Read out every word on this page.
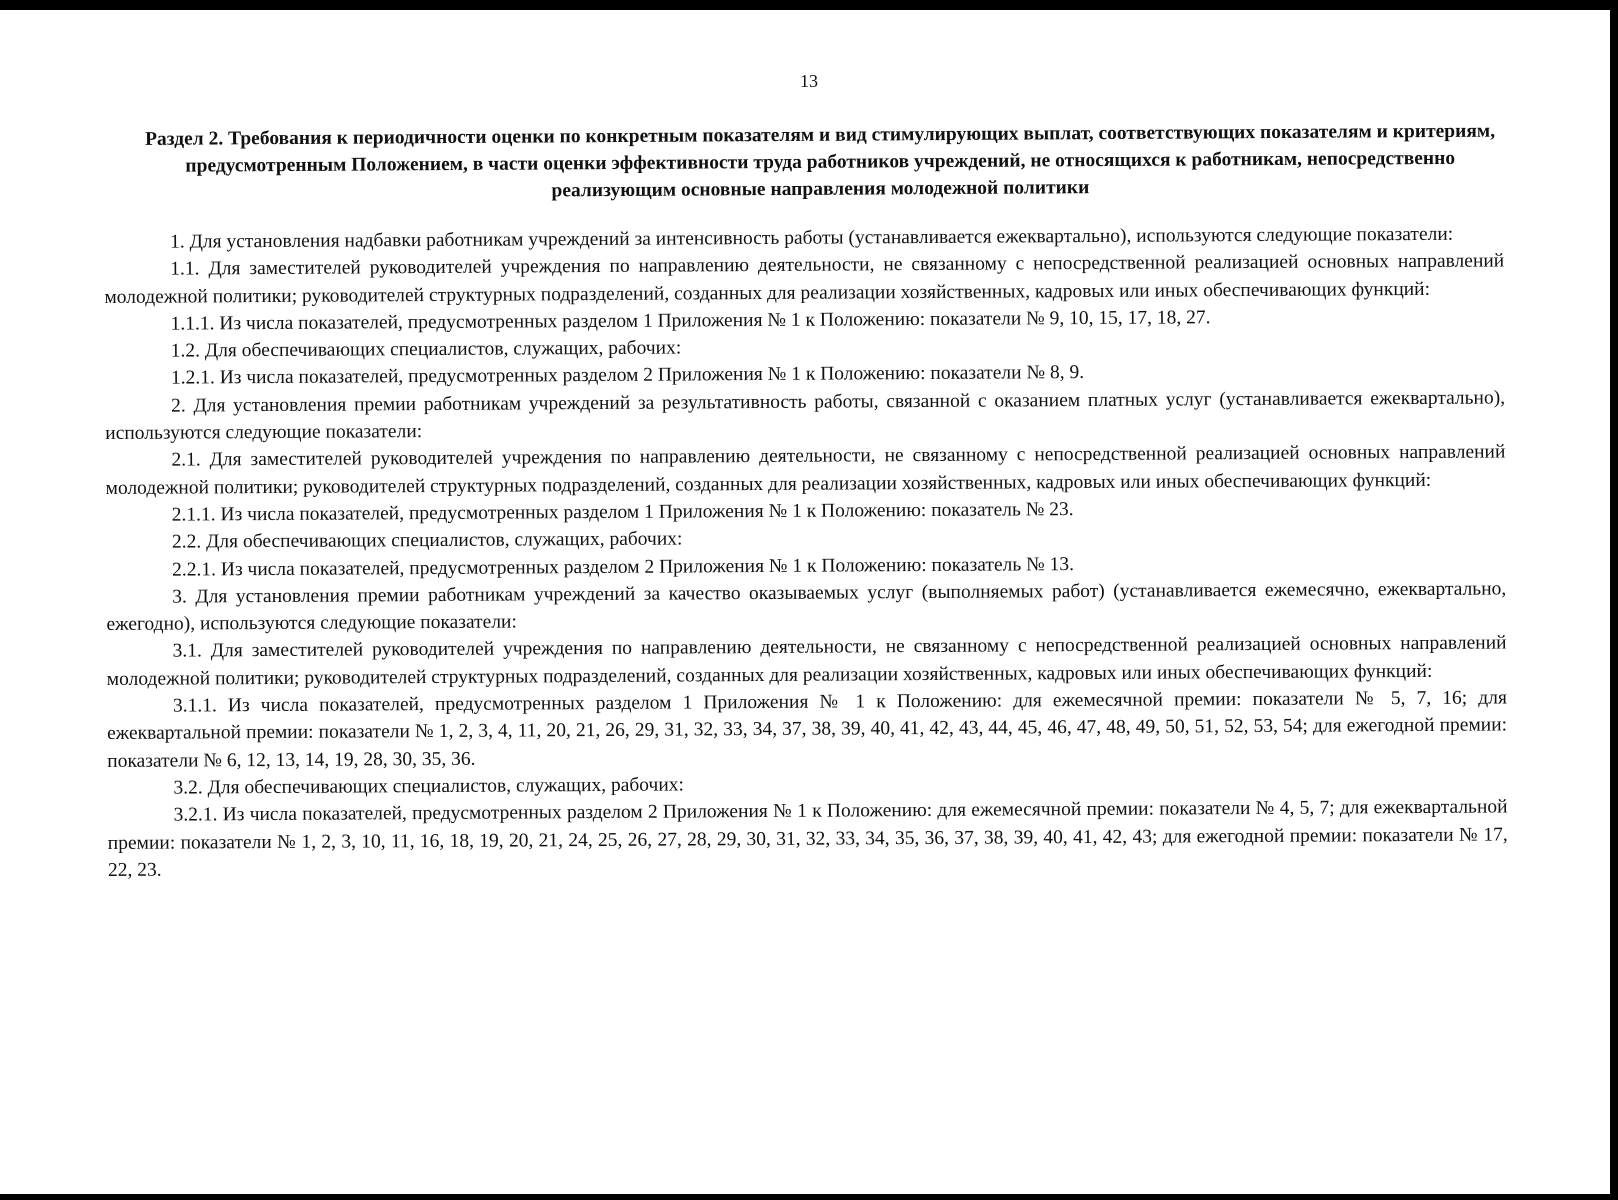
13
Раздел 2. Требования к периодичности оценки по конкретным показателям и вид стимулирующих выплат, соответствующих показателям и критериям, предусмотренным Положением, в части оценки эффективности труда работников учреждений, не относящихся к работникам, непосредственно реализующим основные направления молодежной политики

1. Для установления надбавки работникам учреждений за интенсивность работы (устанавливается ежеквартально), используются следующие показатели:

1.1. Для заместителей руководителей учреждения по направлению деятельности, не связанному с непосредственной реализацией основных направлений молодежной политики; руководителей структурных подразделений, созданных для реализации хозяйственных, кадровых или иных обеспечивающих функций:

1.1.1. Из числа показателей, предусмотренных разделом 1 Приложения № 1 к Положению: показатели № 9, 10, 15, 17, 18, 27.

1.2. Для обеспечивающих специалистов, служащих, рабочих:

1.2.1. Из числа показателей, предусмотренных разделом 2 Приложения № 1 к Положению: показатели № 8, 9.

2. Для установления премии работникам учреждений за результативность работы, связанной с оказанием платных услуг (устанавливается ежеквартально), используются следующие показатели:

2.1. Для заместителей руководителей учреждения по направлению деятельности, не связанному с непосредственной реализацией основных направлений молодежной политики; руководителей структурных подразделений, созданных для реализации хозяйственных, кадровых или иных обеспечивающих функций:

2.1.1. Из числа показателей, предусмотренных разделом 1 Приложения № 1 к Положению: показатель № 23.

2.2. Для обеспечивающих специалистов, служащих, рабочих:

2.2.1. Из числа показателей, предусмотренных разделом 2 Приложения № 1 к Положению: показатель № 13.

3. Для установления премии работникам учреждений за качество оказываемых услуг (выполняемых работ) (устанавливается ежемесячно, ежеквартально, ежегодно), используются следующие показатели:

3.1. Для заместителей руководителей учреждения по направлению деятельности, не связанному с непосредственной реализацией основных направлений молодежной политики; руководителей структурных подразделений, созданных для реализации хозяйственных, кадровых или иных обеспечивающих функций:

3.1.1. Из числа показателей, предусмотренных разделом 1 Приложения № 1 к Положению: для ежемесячной премии: показатели № 5, 7, 16; для ежеквартальной премии: показатели № 1, 2, 3, 4, 11, 20, 21, 26, 29, 31, 32, 33, 34, 37, 38, 39, 40, 41, 42, 43, 44, 45, 46, 47, 48, 49, 50, 51, 52, 53, 54; для ежегодной премии: показатели № 6, 12, 13, 14, 19, 28, 30, 35, 36.

3.2. Для обеспечивающих специалистов, служащих, рабочих:

3.2.1. Из числа показателей, предусмотренных разделом 2 Приложения № 1 к Положению: для ежемесячной премии: показатели № 4, 5, 7; для ежеквартальной премии: показатели № 1, 2, 3, 10, 11, 16, 18, 19, 20, 21, 24, 25, 26, 27, 28, 29, 30, 31, 32, 33, 34, 35, 36, 37, 38, 39, 40, 41, 42, 43; для ежегодной премии: показатели № 17, 22, 23.
